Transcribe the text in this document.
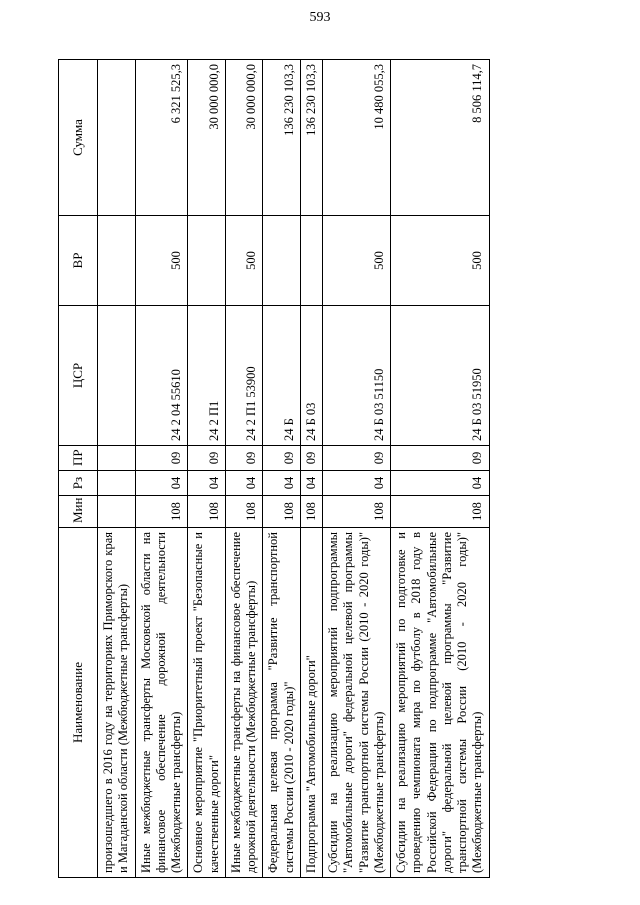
593
Наименование	Мин	Рз	ПР	ЦСР	ВР	Сумма
произошедшего в 2016 году на территориях Приморского края и Магаданской области (Межбюджетные трансферты)						
Иные межбюджетные трансферты Московской области на финансовое обеспечение дорожной деятельности (Межбюджетные трансферты)	108	04	09	24 2 04 55610	500	6 321 525,3
Основное мероприятие "Приоритетный проект "Безопасные и качественные дороги"	108	04	09	24 2 П1		30 000 000,0
Иные межбюджетные трансферты на финансовое обеспечение дорожной деятельности (Межбюджетные трансферты)	108	04	09	24 2 П1 53900	500	30 000 000,0
Федеральная целевая программа "Развитие транспортной системы России (2010 - 2020 годы)"	108	04	09	24 Б		136 230 103,3
Подпрограмма "Автомобильные дороги"	108	04	09	24 Б 03		136 230 103,3
Субсидии на реализацию мероприятий подпрограммы "Автомобильные дороги" федеральной целевой программы "Развитие транспортной системы России (2010 - 2020 годы)" (Межбюджетные трансферты)	108	04	09	24 Б 03 51150	500	10 480 055,3
Субсидии на реализацию мероприятий по подготовке и проведению чемпионата мира по футболу в 2018 году в Российской Федерации по подпрограмме "Автомобильные дороги" федеральной целевой программы "Развитие транспортной системы России (2010 - 2020 годы)" (Межбюджетные трансферты)	108	04	09	24 Б 03 51950	500	8 506 114,7
